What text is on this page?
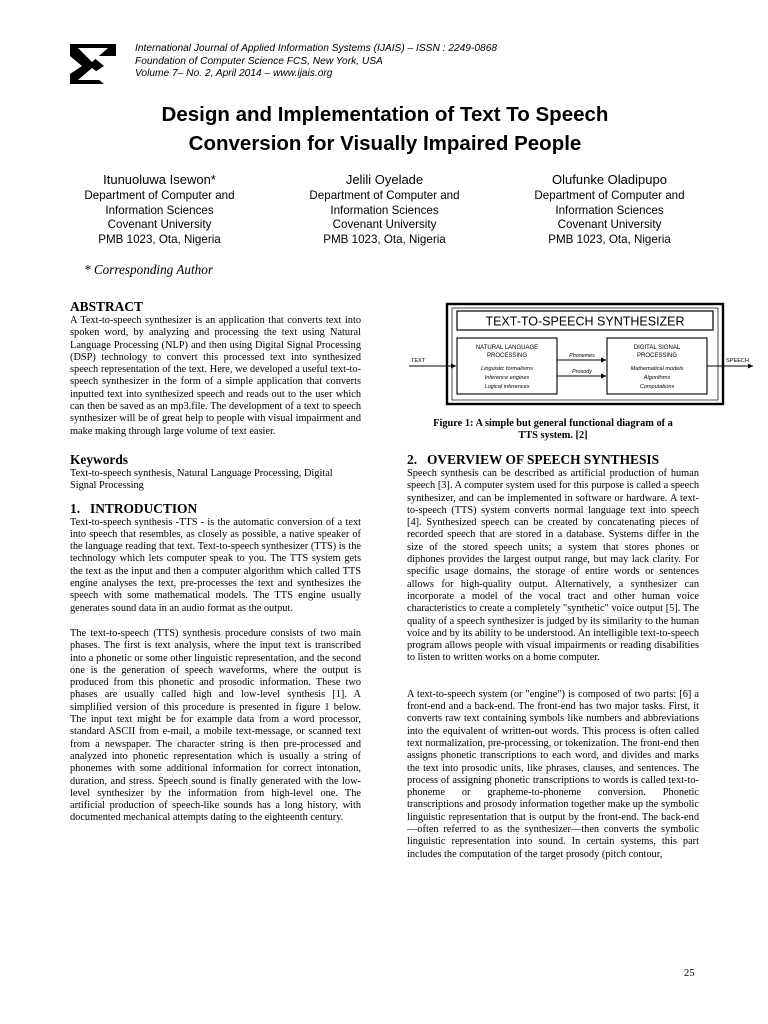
International Journal of Applied Information Systems (IJAIS) – ISSN : 2249-0868
Foundation of Computer Science FCS, New York, USA
Volume 7– No. 2, April 2014 – www.ijais.org
Design and Implementation of Text To Speech
Conversion for Visually Impaired People
Itunuoluwa Isewon*
Department of Computer and
Information Sciences
Covenant University
PMB 1023, Ota, Nigeria
Jelili Oyelade
Department of Computer and
Information Sciences
Covenant University
PMB 1023, Ota, Nigeria
Olufunke Oladipupo
Department of Computer and
Information Sciences
Covenant University
PMB 1023, Ota, Nigeria
* Corresponding Author
ABSTRACT

A Text-to-speech synthesizer is an application that converts text into spoken word, by analyzing and processing the text using Natural Language Processing (NLP) and then using Digital Signal Processing (DSP) technology to convert this processed text into synthesized speech representation of the text. Here, we developed a useful text-to-speech synthesizer in the form of a simple application that converts inputted text into synthesized speech and reads out to the user which can then be saved as an mp3.file. The development of a text to speech synthesizer will be of great help to people with visual impairment and make making through large volume of text easier.

Keywords

Text-to-speech synthesis, Natural Language Processing, Digital Signal Processing

1. INTRODUCTION

Text-to-speech synthesis -TTS - is the automatic conversion of a text into speech that resembles, as closely as possible, a native speaker of the language reading that text. Text-to-speech synthesizer (TTS) is the technology which lets computer speak to you. The TTS system gets the text as the input and then a computer algorithm which called TTS engine analyses the text, pre-processes the text and synthesizes the speech with some mathematical models. The TTS engine usually generates sound data in an audio format as the output.

The text-to-speech (TTS) synthesis procedure consists of two main phases. The first is text analysis, where the input text is transcribed into a phonetic or some other linguistic representation, and the second one is the generation of speech waveforms, where the output is produced from this phonetic and prosodic information. These two phases are usually called high and low-level synthesis [1]. A simplified version of this procedure is presented in figure 1 below. The input text might be for example data from a word processor, standard ASCII from e-mail, a mobile text-message, or scanned text from a newspaper. The character string is then pre-processed and analyzed into phonetic representation which is usually a string of phonemes with some additional information for correct intonation, duration, and stress. Speech sound is finally generated with the low-level synthesizer by the information from high-level one. The artificial production of speech-like sounds has a long history, with documented mechanical attempts dating to the eighteenth century.

TEXT-TO-SPEECH SYNTHESIZER
NATURAL LANGUAGE
PROCESSING
Linguistic formalisms
Inference engines
Logical inferences
DIGITAL SIGNAL
PROCESSING
Mathematical models
Algorithms
Computations
TEXT
Phonemes
Prosody
SPEECH
Figure 1: A simple but general functional diagram of a
TTS system. [2]
2. OVERVIEW OF SPEECH SYNTHESIS

Speech synthesis can be described as artificial production of human speech [3]. A computer system used for this purpose is called a speech synthesizer, and can be implemented in software or hardware. A text-to-speech (TTS) system converts normal language text into speech [4]. Synthesized speech can be created by concatenating pieces of recorded speech that are stored in a database. Systems differ in the size of the stored speech units; a system that stores phones or diphones provides the largest output range, but may lack clarity. For specific usage domains, the storage of entire words or sentences allows for high-quality output. Alternatively, a synthesizer can incorporate a model of the vocal tract and other human voice characteristics to create a completely "synthetic" voice output [5]. The quality of a speech synthesizer is judged by its similarity to the human voice and by its ability to be understood. An intelligible text-to-speech program allows people with visual impairments or reading disabilities to listen to written works on a home computer.

A text-to-speech system (or "engine") is composed of two parts: [6] a front-end and a back-end. The front-end has two major tasks. First, it converts raw text containing symbols like numbers and abbreviations into the equivalent of written-out words. This process is often called text normalization, pre-processing, or tokenization. The front-end then assigns phonetic transcriptions to each word, and divides and marks the text into prosodic units, like phrases, clauses, and sentences. The process of assigning phonetic transcriptions to words is called text-to-phoneme or grapheme-to-phoneme conversion. Phonetic transcriptions and prosody information together make up the symbolic linguistic representation that is output by the front-end. The back-end—often referred to as the synthesizer—then converts the symbolic linguistic representation into sound. In certain systems, this part includes the computation of the target prosody (pitch contour,

25
